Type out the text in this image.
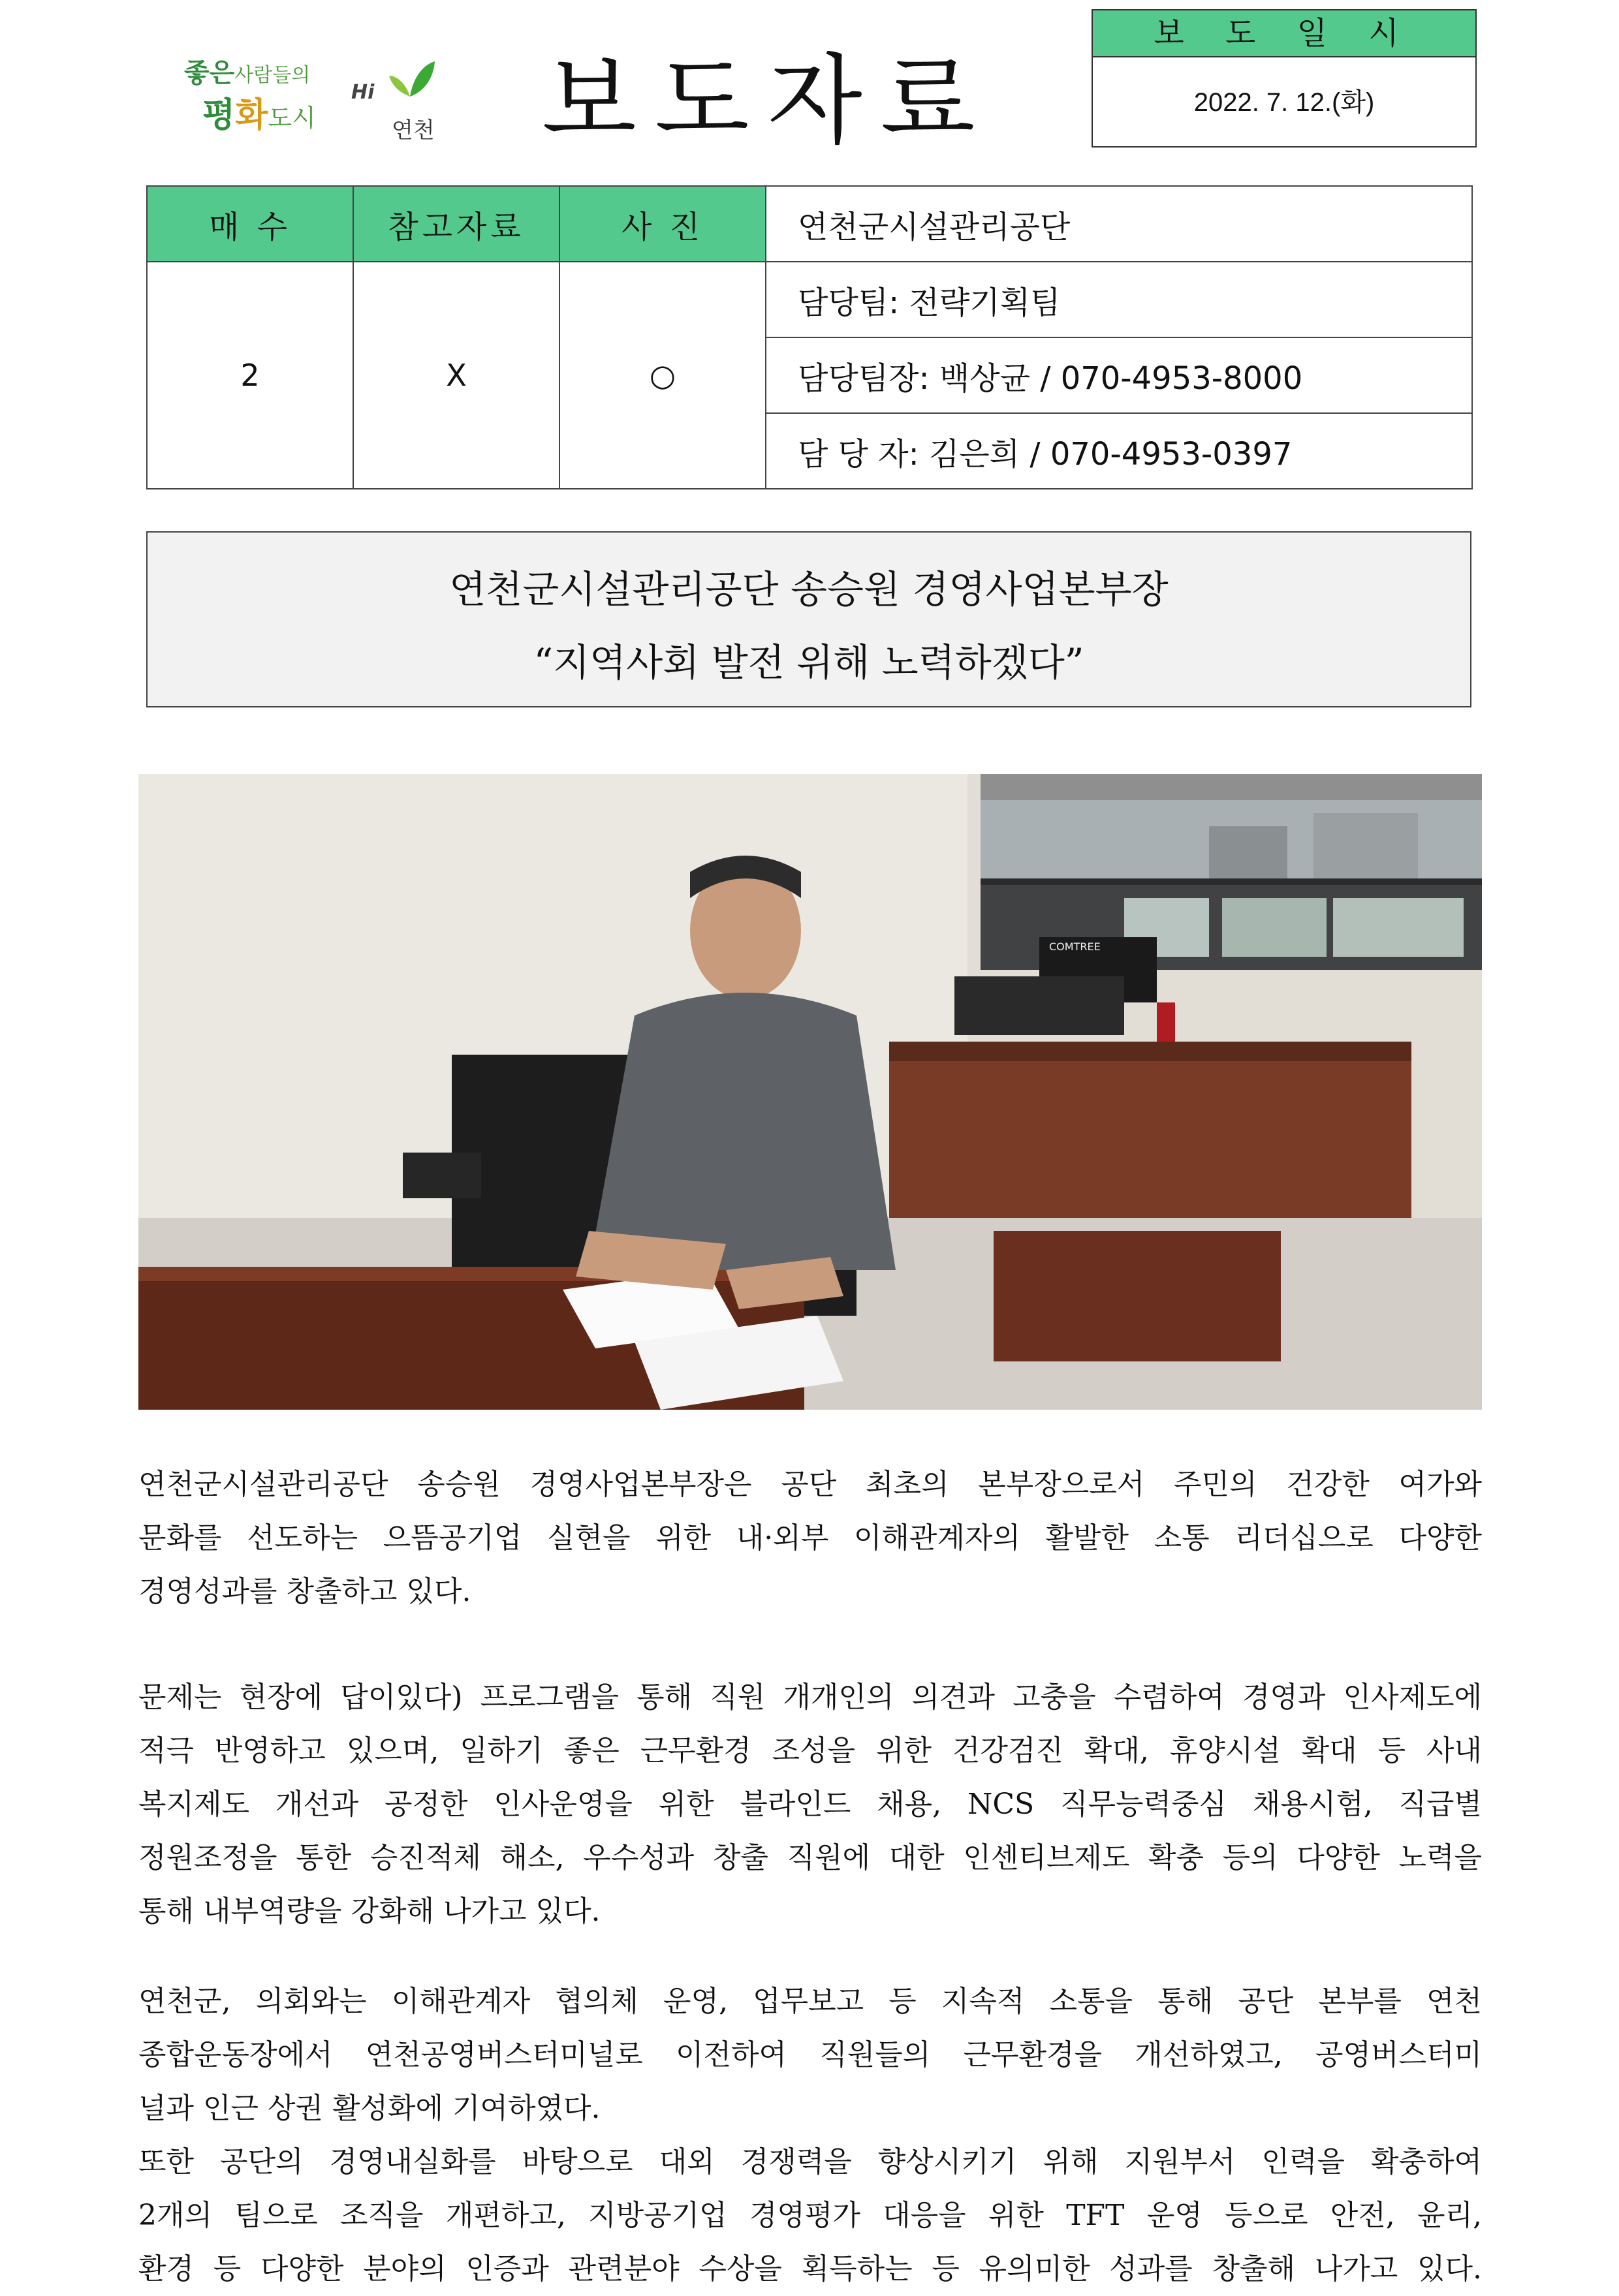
좋은사람들의
평화도시
Hi
연천 보도자료
보 도 일 시
2022. 7. 12.(화)
매 수	참고자료	사 진	연천군시설관리공단
2	X	○	담당팀: 전략기획팀
			담당팀장: 백상균 / 070-4953-8000
			담 당 자: 김은희 / 070-4953-0397
연천군시설관리공단 송승원 경영사업본부장
“지역사회 발전 위해 노력하겠다”
COMTREE
연천군시설관리공단 송승원 경영사업본부장은 공단 최초의 본부장으로서 주민의 건강한 여가와
문화를 선도하는 으뜸공기업 실현을 위한 내·외부 이해관계자의 활발한 소통 리더십으로 다양한
경영성과를 창출하고 있다.
문제는 현장에 답이있다) 프로그램을 통해 직원 개개인의 의견과 고충을 수렴하여 경영과 인사제도에
적극 반영하고 있으며, 일하기 좋은 근무환경 조성을 위한 건강검진 확대, 휴양시설 확대 등 사내
복지제도 개선과 공정한 인사운영을 위한 블라인드 채용, NCS 직무능력중심 채용시험, 직급별
정원조정을 통한 승진적체 해소, 우수성과 창출 직원에 대한 인센티브제도 확충 등의 다양한 노력을
통해 내부역량을 강화해 나가고 있다.
연천군, 의회와는 이해관계자 협의체 운영, 업무보고 등 지속적 소통을 통해 공단 본부를 연천
종합운동장에서 연천공영버스터미널로 이전하여 직원들의 근무환경을 개선하였고, 공영버스터미
널과 인근 상권 활성화에 기여하였다.
또한 공단의 경영내실화를 바탕으로 대외 경쟁력을 향상시키기 위해 지원부서 인력을 확충하여
2개의 팀으로 조직을 개편하고, 지방공기업 경영평가 대응을 위한 TFT 운영 등으로 안전, 윤리,
환경 등 다양한 분야의 인증과 관련분야 수상을 획득하는 등 유의미한 성과를 창출해 나가고 있다.
